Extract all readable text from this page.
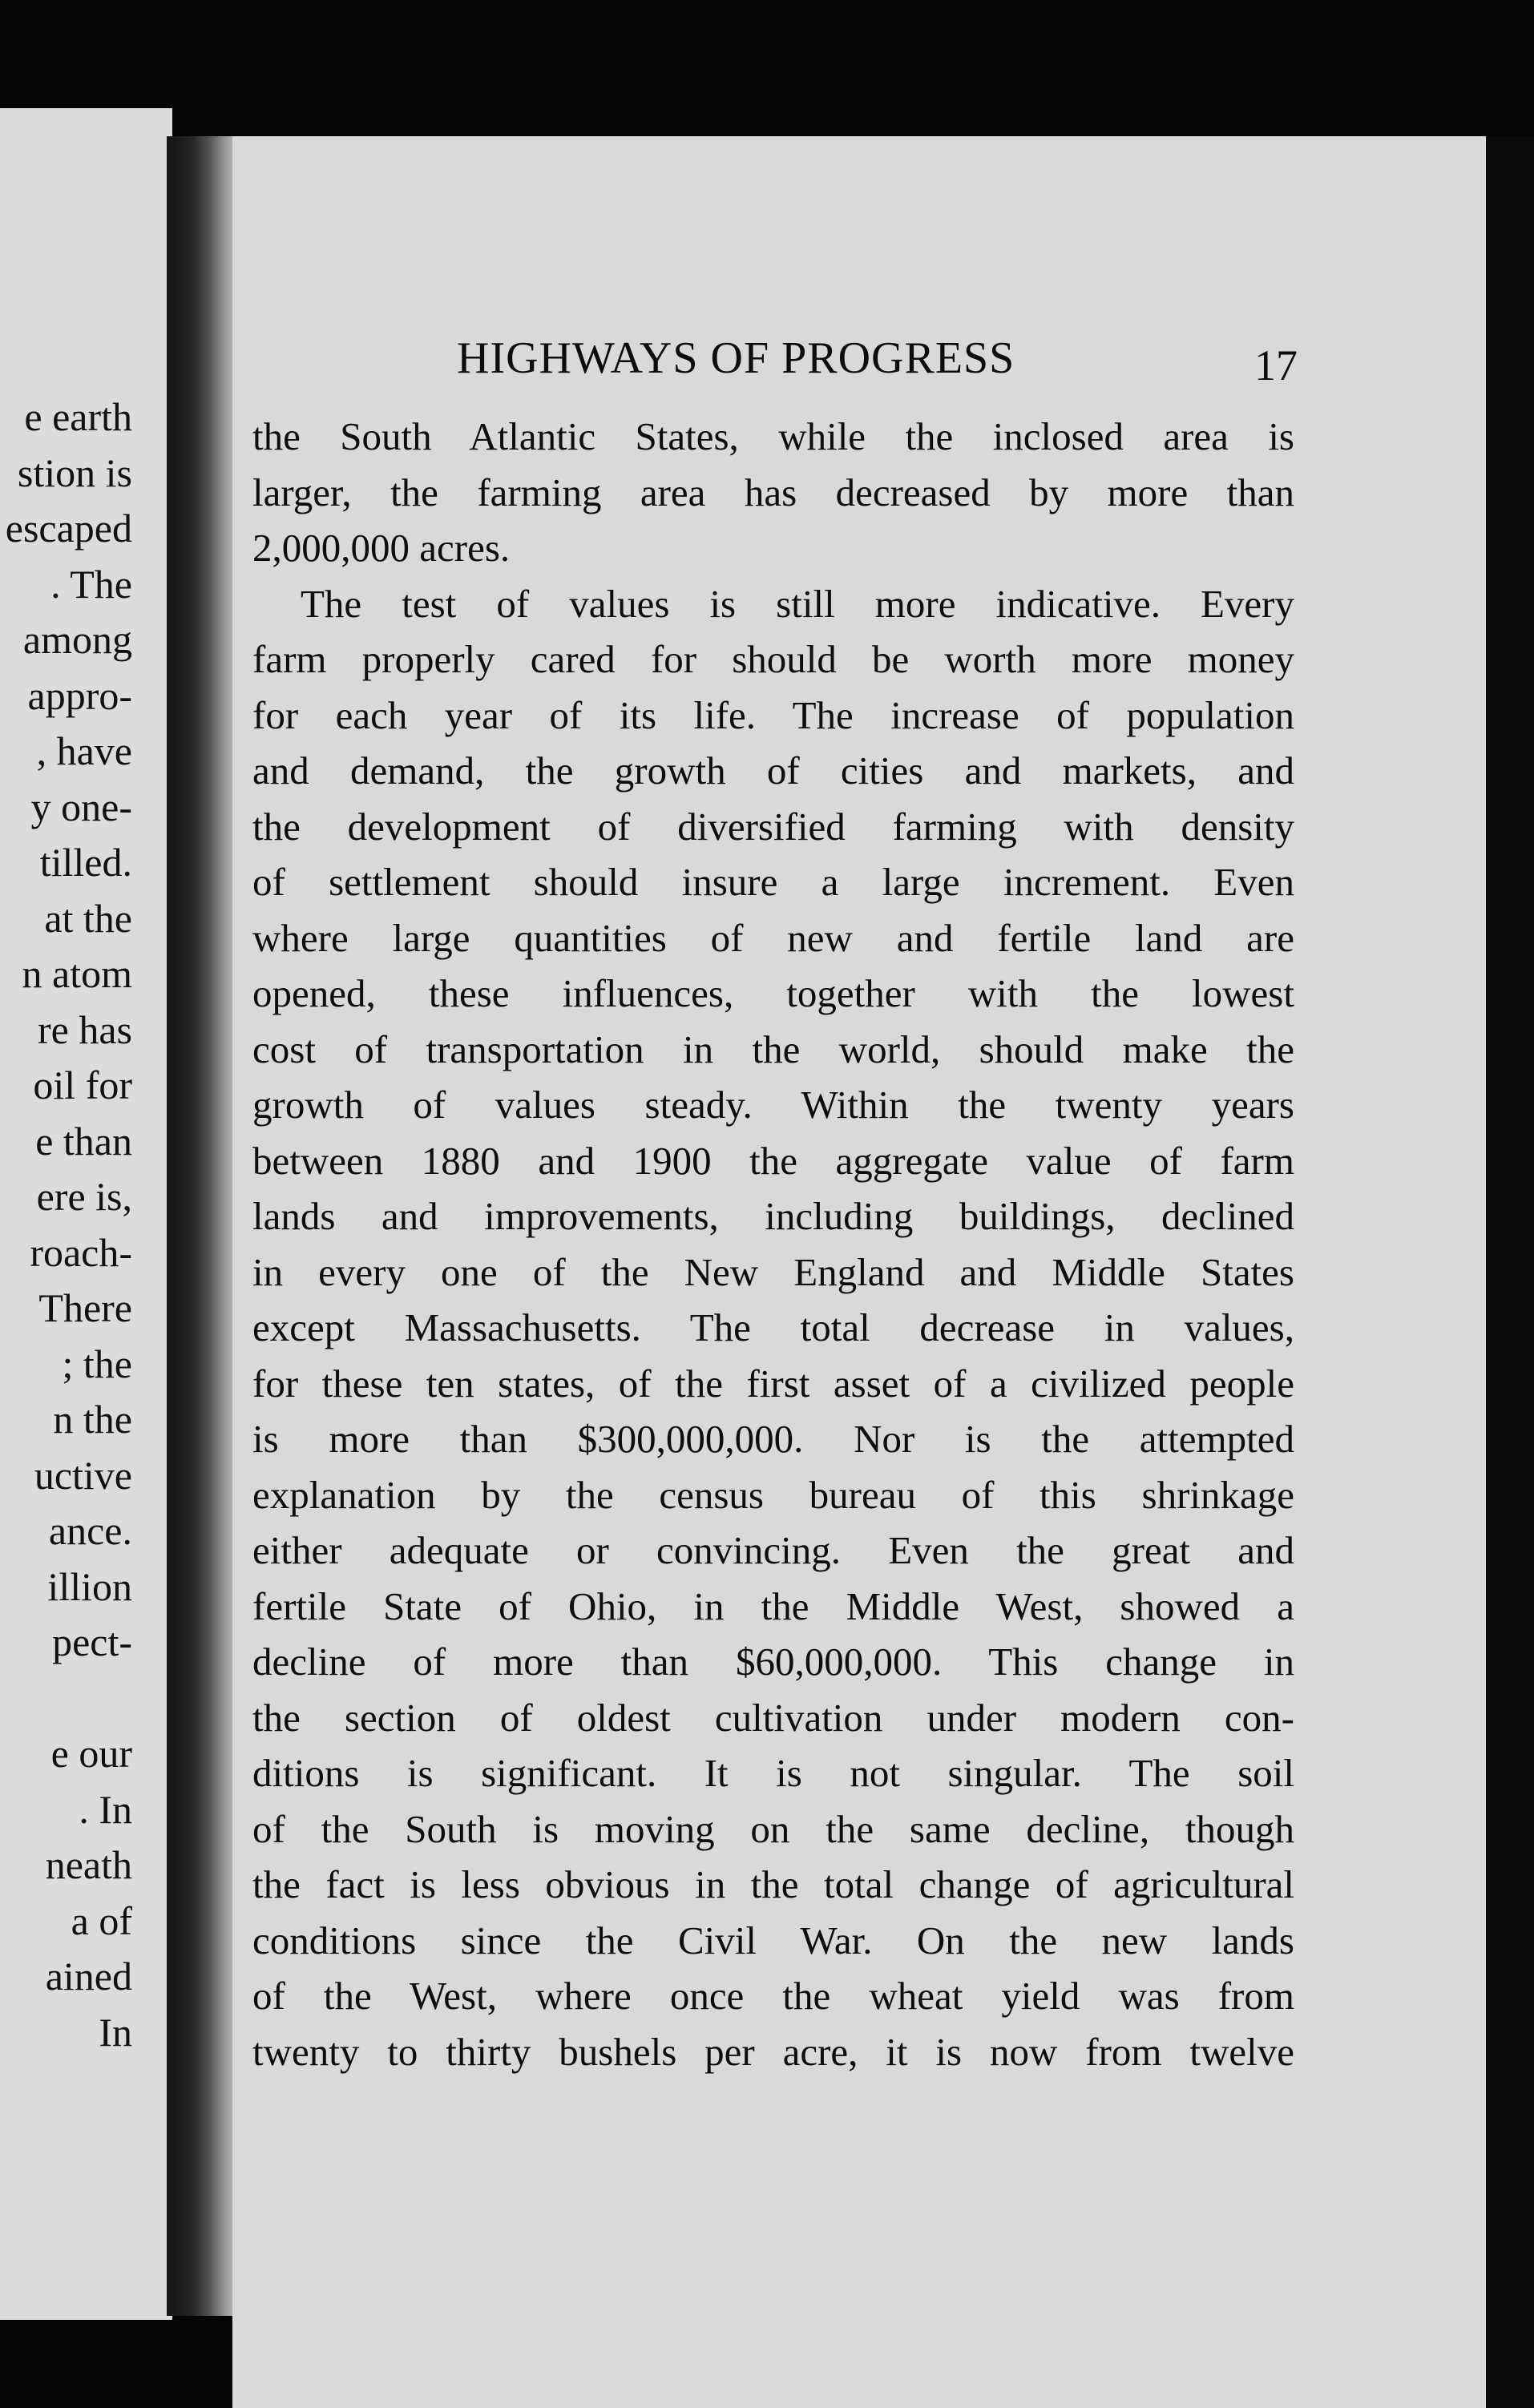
e earth
stion is
escaped
. The
among
appro-
, have
y one-
tilled.
at the
n atom
re has
oil for
e than
ere is,
roach-
There
; the
n the
uctive
ance.
illion
pect-
e our
. In
neath
a of
ained
In
HIGHWAYS OF PROGRESS	17
the South Atlantic States, while the inclosed area is
larger, the farming area has decreased by more than
2,000,000 acres.
The test of values is still more indicative. Every
farm properly cared for should be worth more money
for each year of its life. The increase of population
and demand, the growth of cities and markets, and
the development of diversified farming with density
of settlement should insure a large increment. Even
where large quantities of new and fertile land are
opened, these influences, together with the lowest
cost of transportation in the world, should make the
growth of values steady. Within the twenty years
between 1880 and 1900 the aggregate value of farm
lands and improvements, including buildings, declined
in every one of the New England and Middle States
except Massachusetts. The total decrease in values,
for these ten states, of the first asset of a civilized people
is more than $300,000,000. Nor is the attempted
explanation by the census bureau of this shrinkage
either adequate or convincing. Even the great and
fertile State of Ohio, in the Middle West, showed a
decline of more than $60,000,000. This change in
the section of oldest cultivation under modern con-
ditions is significant. It is not singular. The soil
of the South is moving on the same decline, though
the fact is less obvious in the total change of agricultural
conditions since the Civil War. On the new lands
of the West, where once the wheat yield was from
twenty to thirty bushels per acre, it is now from twelve
